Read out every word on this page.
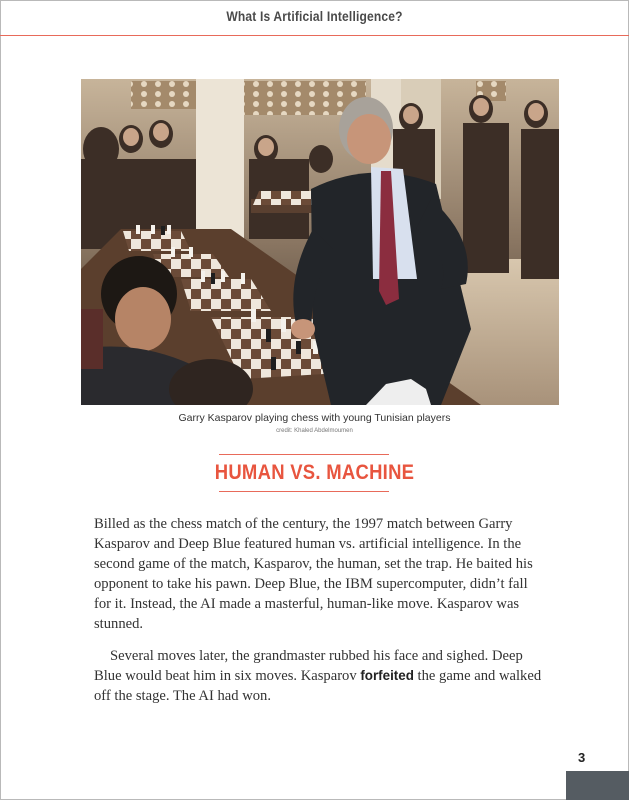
What Is Artificial Intelligence?
Garry Kasparov playing chess with young Tunisian players
credit: Khaled Abdelmoumen
HUMAN VS. MACHINE

Billed as the chess match of the century, the 1997 match between Garry Kasparov and Deep Blue featured human vs. artificial intelligence. In the second game of the match, Kasparov, the human, set the trap. He baited his opponent to take his pawn. Deep Blue, the IBM supercomputer, didn’t fall for it. Instead, the AI made a masterful, human-like move. Kasparov was stunned.

Several moves later, the grandmaster rubbed his face and sighed. Deep Blue would beat him in six moves. Kasparov forfeited the game and walked off the stage. The AI had won.

3
